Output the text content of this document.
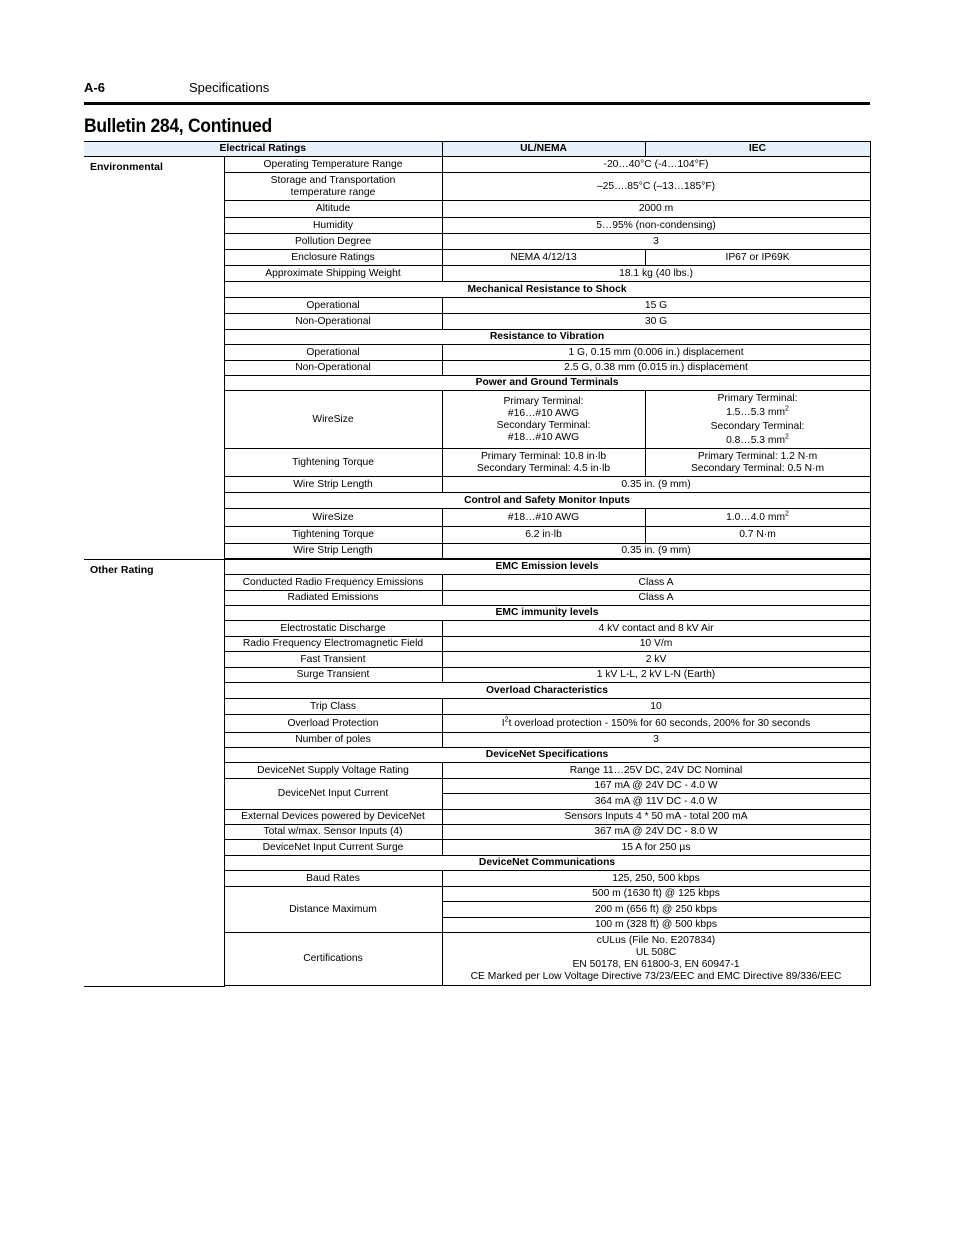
A-6	Specifications
Bulletin 284, Continued
Electrical Ratings		UL/NEMA	IEC
Environmental	Operating Temperature Range	-20…40°C (-4…104°F)	
	Storage and Transportation
temperature range	–25….85°C (–13…185°F)	
	Altitude	2000 m	
	Humidity	5…95% (non-condensing)	
	Pollution Degree	3	
	Enclosure Ratings	NEMA 4/12/13	IP67 or IP69K
	Approximate Shipping Weight	18.1 kg (40 lbs.)	
	Mechanical Resistance to Shock		
	Operational	15 G	
	Non-Operational	30 G	
	Resistance to Vibration		
	Operational	1 G, 0.15 mm (0.006 in.) displacement	
	Non-Operational	2.5 G, 0.38 mm (0.015 in.) displacement	
	Power and Ground Terminals		
	WireSize	Primary Terminal:
#16…#10 AWG
Secondary Terminal:
#18…#10 AWG	Primary Terminal:
1.5…5.3 $mm^2$
Secondary Terminal:
0.8…5.3 $mm^2$
	Tightening Torque	Primary Terminal: 10.8 in·lb
Secondary Terminal: 4.5 in·lb	Primary Terminal: 1.2 N·m
Secondary Terminal: 0.5 N·m
	Wire Strip Length	0.35 in. (9 mm)	
	Control and Safety Monitor Inputs		
	WireSize	#18…#10 AWG	1.0…4.0 $mm^2$
	Tightening Torque	6.2 in·lb	0.7 N·m
	Wire Strip Length	0.35 in. (9 mm)	

Other Rating	EMC Emission levels		
	Conducted Radio Frequency Emissions	Class A	
	Radiated Emissions	Class A	
	EMC immunity levels		
	Electrostatic Discharge	4 kV contact and 8 kV Air	
	Radio Frequency Electromagnetic Field	10 V/m	
	Fast Transient	2 kV	
	Surge Transient	1 kV L-L, 2 kV L-N (Earth)	
	Overload Characteristics		
	Trip Class	10	
	Overload Protection	$I^2t$ overload protection - 150% for 60 seconds, 200% for 30 seconds	
	Number of poles	3	
	DeviceNet Specifications		
	DeviceNet Supply Voltage Rating	Range 11…25V DC, 24V DC Nominal	
	DeviceNet Input Current	167 mA @ 24V DC - 4.0 W	
		364 mA @ 11V DC - 4.0 W	
	External Devices powered by DeviceNet	Sensors Inputs 4 * 50 mA - total 200 mA	
	Total w/max. Sensor Inputs (4)	367 mA @ 24V DC - 8.0 W	
	DeviceNet Input Current Surge	15 A for 250 µs	
	DeviceNet Communications		
	Baud Rates	125, 250, 500 kbps	
	Distance Maximum	500 m (1630 ft) @ 125 kbps	
		200 m (656 ft) @ 250 kbps	
		100 m (328 ft) @ 500 kbps	
	Certifications	cULus (File No. E207834)
UL 508C
EN 50178, EN 61800-3, EN 60947-1
CE Marked per Low Voltage Directive 73/23/EEC and EMC Directive 89/336/EEC	
